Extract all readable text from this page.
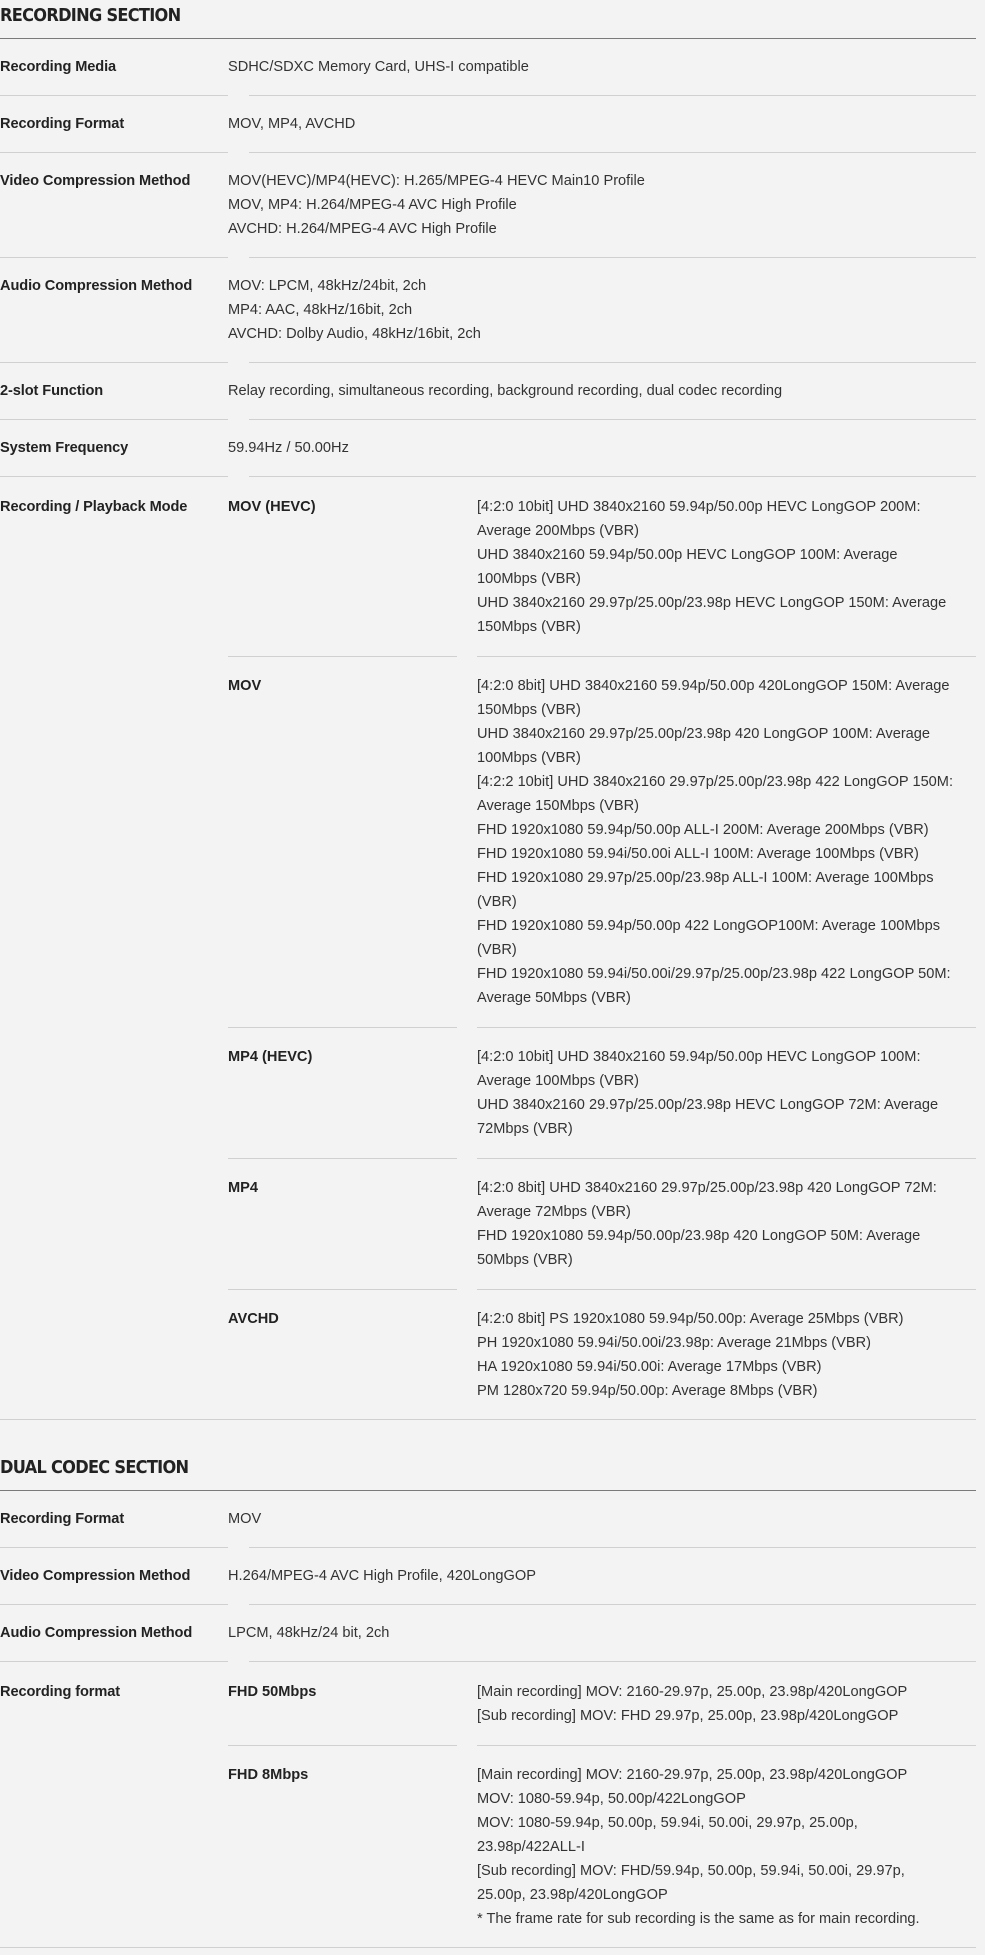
RECORDING SECTION
Recording Media	SDHC/SDXC Memory Card, UHS-I compatible
Recording Format	MOV, MP4, AVCHD
Video Compression Method	MOV(HEVC)/MP4(HEVC): H.265/MPEG-4 HEVC Main10 Profile
MOV, MP4: H.264/MPEG-4 AVC High Profile
AVCHD: H.264/MPEG-4 AVC High Profile
Audio Compression Method	MOV: LPCM, 48kHz/24bit, 2ch
MP4: AAC, 48kHz/16bit, 2ch
AVCHD: Dolby Audio, 48kHz/16bit, 2ch
2-slot Function	Relay recording, simultaneous recording, background recording, dual codec recording
System Frequency	59.94Hz / 50.00Hz
Recording / Playback Mode	MOV (HEVC)	[4:2:0 10bit] UHD 3840x2160 59.94p/50.00p HEVC LongGOP 200M:
Average 200Mbps (VBR)
UHD 3840x2160 59.94p/50.00p HEVC LongGOP 100M: Average
100Mbps (VBR)
UHD 3840x2160 29.97p/25.00p/23.98p HEVC LongGOP 150M: Average
150Mbps (VBR)
MOV	[4:2:0 8bit] UHD 3840x2160 59.94p/50.00p 420LongGOP 150M: Average
150Mbps (VBR)
UHD 3840x2160 29.97p/25.00p/23.98p 420 LongGOP 100M: Average
100Mbps (VBR)
[4:2:2 10bit] UHD 3840x2160 29.97p/25.00p/23.98p 422 LongGOP 150M:
Average 150Mbps (VBR)
FHD 1920x1080 59.94p/50.00p ALL-I 200M: Average 200Mbps (VBR)
FHD 1920x1080 59.94i/50.00i ALL-I 100M: Average 100Mbps (VBR)
FHD 1920x1080 29.97p/25.00p/23.98p ALL-I 100M: Average 100Mbps
(VBR)
FHD 1920x1080 59.94p/50.00p 422 LongGOP100M: Average 100Mbps
(VBR)
FHD 1920x1080 59.94i/50.00i/29.97p/25.00p/23.98p 422 LongGOP 50M:
Average 50Mbps (VBR)
MP4 (HEVC)	[4:2:0 10bit] UHD 3840x2160 59.94p/50.00p HEVC LongGOP 100M:
Average 100Mbps (VBR)
UHD 3840x2160 29.97p/25.00p/23.98p HEVC LongGOP 72M: Average
72Mbps (VBR)
MP4	[4:2:0 8bit] UHD 3840x2160 29.97p/25.00p/23.98p 420 LongGOP 72M:
Average 72Mbps (VBR)
FHD 1920x1080 59.94p/50.00p/23.98p 420 LongGOP 50M: Average
50Mbps (VBR)
AVCHD	[4:2:0 8bit] PS 1920x1080 59.94p/50.00p: Average 25Mbps (VBR)
PH 1920x1080 59.94i/50.00i/23.98p: Average 21Mbps (VBR)
HA 1920x1080 59.94i/50.00i: Average 17Mbps (VBR)
PM 1280x720 59.94p/50.00p: Average 8Mbps (VBR)
DUAL CODEC SECTION
Recording Format	MOV
Video Compression Method	H.264/MPEG-4 AVC High Profile, 420LongGOP
Audio Compression Method	LPCM, 48kHz/24 bit, 2ch
Recording format	FHD 50Mbps	[Main recording] MOV: 2160-29.97p, 25.00p, 23.98p/420LongGOP
[Sub recording] MOV: FHD 29.97p, 25.00p, 23.98p/420LongGOP
FHD 8Mbps	[Main recording] MOV: 2160-29.97p, 25.00p, 23.98p/420LongGOP
MOV: 1080-59.94p, 50.00p/422LongGOP
MOV: 1080-59.94p, 50.00p, 59.94i, 50.00i, 29.97p, 25.00p,
23.98p/422ALL-I
[Sub recording] MOV: FHD/59.94p, 50.00p, 59.94i, 50.00i, 29.97p,
25.00p, 23.98p/420LongGOP
* The frame rate for sub recording is the same as for main recording.
